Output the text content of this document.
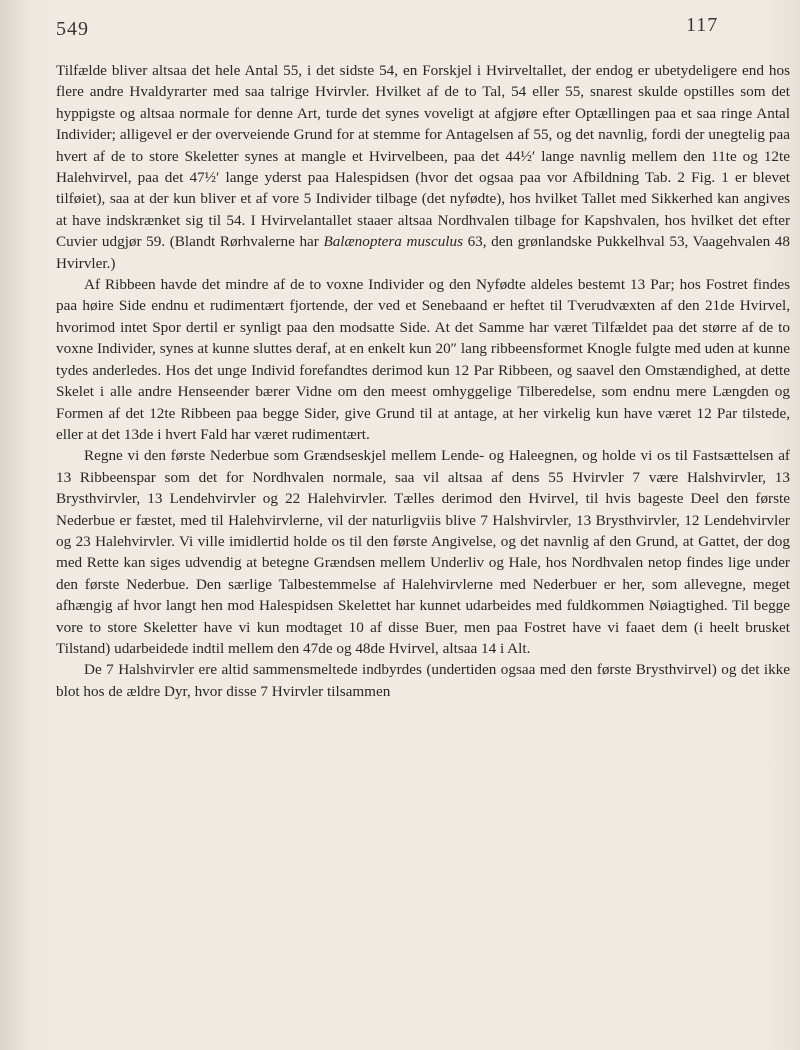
549	117

Tilfælde bliver altsaa det hele Antal 55, i det sidste 54, en Forskjel i Hvirveltallet, der endog er ubetydeligere end hos flere andre Hvaldyrarter med saa talrige Hvirvler. Hvilket af de to Tal, 54 eller 55, snarest skulde opstilles som det hyppigste og altsaa normale for denne Art, turde det synes voveligt at afgjøre efter Optællingen paa et saa ringe Antal Individer; alligevel er der overveiende Grund for at stemme for Antagelsen af 55, og det navnlig, fordi der unegtelig paa hvert af de to store Skeletter synes at mangle et Hvirvelbeen, paa det 44½′ lange navnlig mellem den 11te og 12te Halehvirvel, paa det 47½′ lange yderst paa Halespidsen (hvor det ogsaa paa vor Afbildning Tab. 2 Fig. 1 er blevet tilføiet), saa at der kun bliver et af vore 5 Individer tilbage (det nyfødte), hos hvilket Tallet med Sikkerhed kan angives at have indskrænket sig til 54. I Hvirvelantallet staaer altsaa Nordhvalen tilbage for Kapshvalen, hos hvilket det efter Cuvier udgjør 59. (Blandt Rørhvalerne har Balænoptera musculus 63, den grønlandske Pukkelhval 53, Vaagehvalen 48 Hvirvler.)

Af Ribbeen havde det mindre af de to voxne Individer og den Nyfødte aldeles bestemt 13 Par; hos Fostret findes paa høire Side endnu et rudimentært fjortende, der ved et Senebaand er heftet til Tverudvæxten af den 21de Hvirvel, hvorimod intet Spor dertil er synligt paa den modsatte Side. At det Samme har været Tilfældet paa det større af de to voxne Individer, synes at kunne sluttes deraf, at en enkelt kun 20″ lang ribbeensformet Knogle fulgte med uden at kunne tydes anderledes. Hos det unge Individ forefandtes derimod kun 12 Par Ribbeen, og saavel den Omstændighed, at dette Skelet i alle andre Henseender bærer Vidne om den meest omhyggelige Tilberedelse, som endnu mere Længden og Formen af det 12te Ribbeen paa begge Sider, give Grund til at antage, at her virkelig kun have været 12 Par tilstede, eller at det 13de i hvert Fald har været rudimentært.

Regne vi den første Nederbue som Grændseskjel mellem Lende- og Haleegnen, og holde vi os til Fastsættelsen af 13 Ribbeenspar som det for Nordhvalen normale, saa vil altsaa af dens 55 Hvirvler 7 være Halshvirvler, 13 Brysthvirvler, 13 Lendehvirvler og 22 Halehvirvler. Tælles derimod den Hvirvel, til hvis bageste Deel den første Nederbue er fæstet, med til Halehvirvlerne, vil der naturligviis blive 7 Halshvirvler, 13 Brysthvirvler, 12 Lendehvirvler og 23 Halehvirvler. Vi ville imidlertid holde os til den første Angivelse, og det navnlig af den Grund, at Gattet, der dog med Rette kan siges udvendig at betegne Grændsen mellem Underliv og Hale, hos Nordhvalen netop findes lige under den første Nederbue. Den særlige Talbestemmelse af Halehvirvlerne med Nederbuer er her, som allevegne, meget afhængig af hvor langt hen mod Halespidsen Skelettet har kunnet udarbeides med fuldkommen Nøiagtighed. Til begge vore to store Skeletter have vi kun modtaget 10 af disse Buer, men paa Fostret have vi faaet dem (i heelt brusket Tilstand) udarbeidede indtil mellem den 47de og 48de Hvirvel, altsaa 14 i Alt.

De 7 Halshvirvler ere altid sammensmeltede indbyrdes (undertiden ogsaa med den første Brysthvirvel) og det ikke blot hos de ældre Dyr, hvor disse 7 Hvirvler tilsammen
